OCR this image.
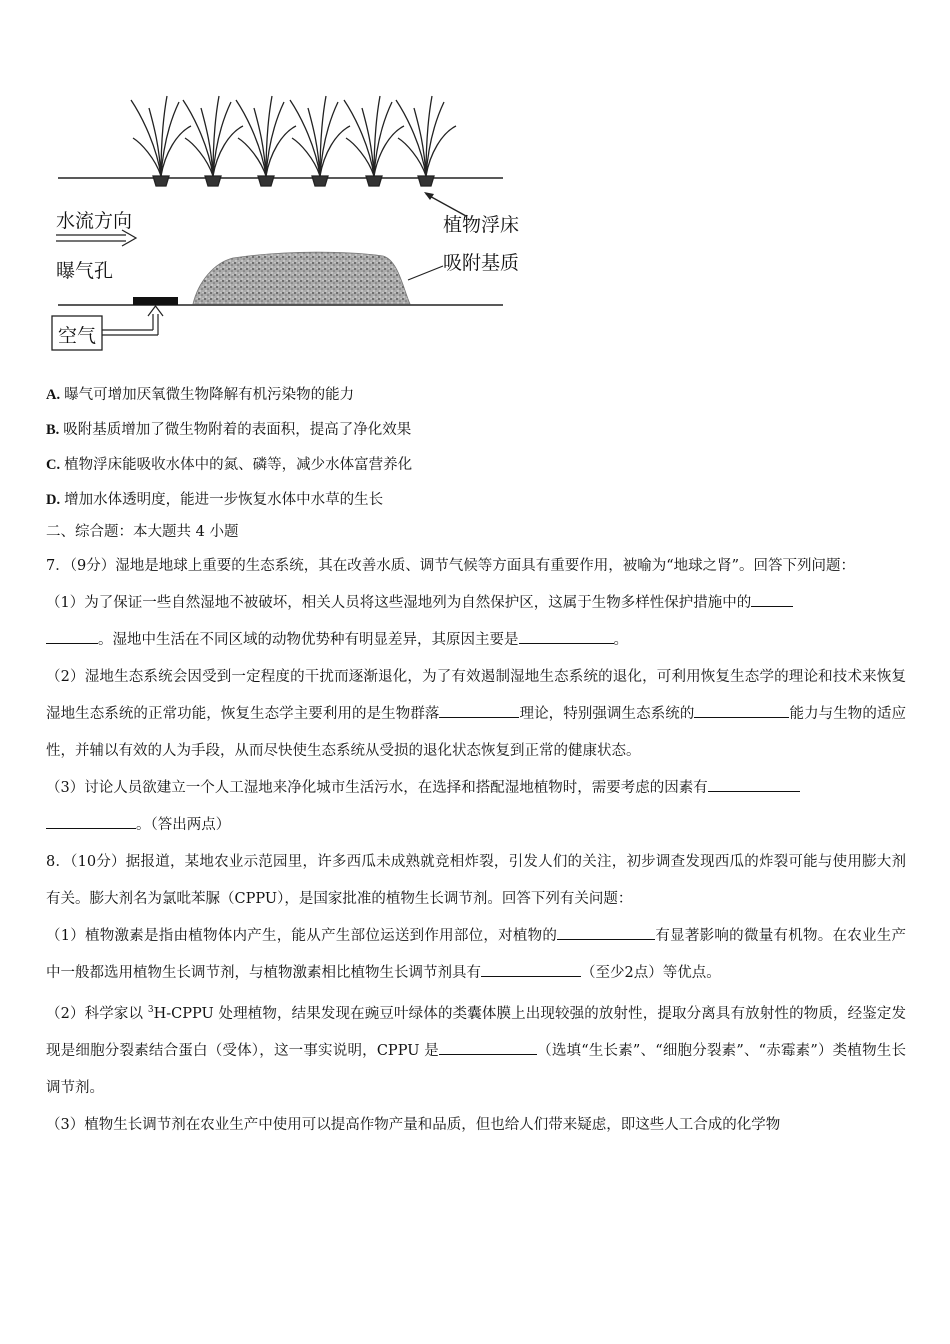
水流方向
曝气孔
空气
植物浮床
吸附基质
A. 曝气可增加厌氧微生物降解有机污染物的能力
B. 吸附基质增加了微生物附着的表面积，提高了净化效果
C. 植物浮床能吸收水体中的氮、磷等，减少水体富营养化
D. 增加水体透明度，能进一步恢复水体中水草的生长
二、综合题：本大题共 4 小题

7．（9分）湿地是地球上重要的生态系统，其在改善水质、调节气候等方面具有重要作用，被喻为“地球之肾”。回答下列问题：

（1）为了保证一些自然湿地不被破坏，相关人员将这些湿地列为自然保护区，这属于生物多样性保护措施中的
。湿地中生活在不同区域的动物优势种有明显差异，其原因主要是	。

（2）湿地生态系统会因受到一定程度的干扰而逐渐退化，为了有效遏制湿地生态系统的退化，可利用恢复生态学的理论和技术来恢复湿地生态系统的正常功能，恢复生态学主要利用的是生物群落	理论，特别强调生态系统的	能力与生物的适应性，并辅以有效的人为手段，从而尽快使生态系统从受损的退化状态恢复到正常的健康状态。

（3）讨论人员欲建立一个人工湿地来净化城市生活污水，在选择和搭配湿地植物时，需要考虑的因素有
。（答出两点）

8．（10分）据报道，某地农业示范园里，许多西瓜未成熟就竞相炸裂，引发人们的关注，初步调查发现西瓜的炸裂可能与使用膨大剂有关。膨大剂名为氯吡苯脲（CPPU），是国家批准的植物生长调节剂。回答下列有关问题：

（1）植物激素是指由植物体内产生，能从产生部位运送到作用部位，对植物的	有显著影响的微量有机物。在农业生产中一般都选用植物生长调节剂，与植物激素相比植物生长调节剂具有	（至少2点）等优点。

（2）科学家以 $^3$H-CPPU 处理植物，结果发现在豌豆叶绿体的类囊体膜上出现较强的放射性，提取分离具有放射性的物质，经鉴定发现是细胞分裂素结合蛋白（受体），这一事实说明，CPPU 是	（选填“生长素”、“细胞分裂素”、“赤霉素”）类植物生长调节剂。

（3）植物生长调节剂在农业生产中使用可以提高作物产量和品质，但也给人们带来疑虑，即这些人工合成的化学物
